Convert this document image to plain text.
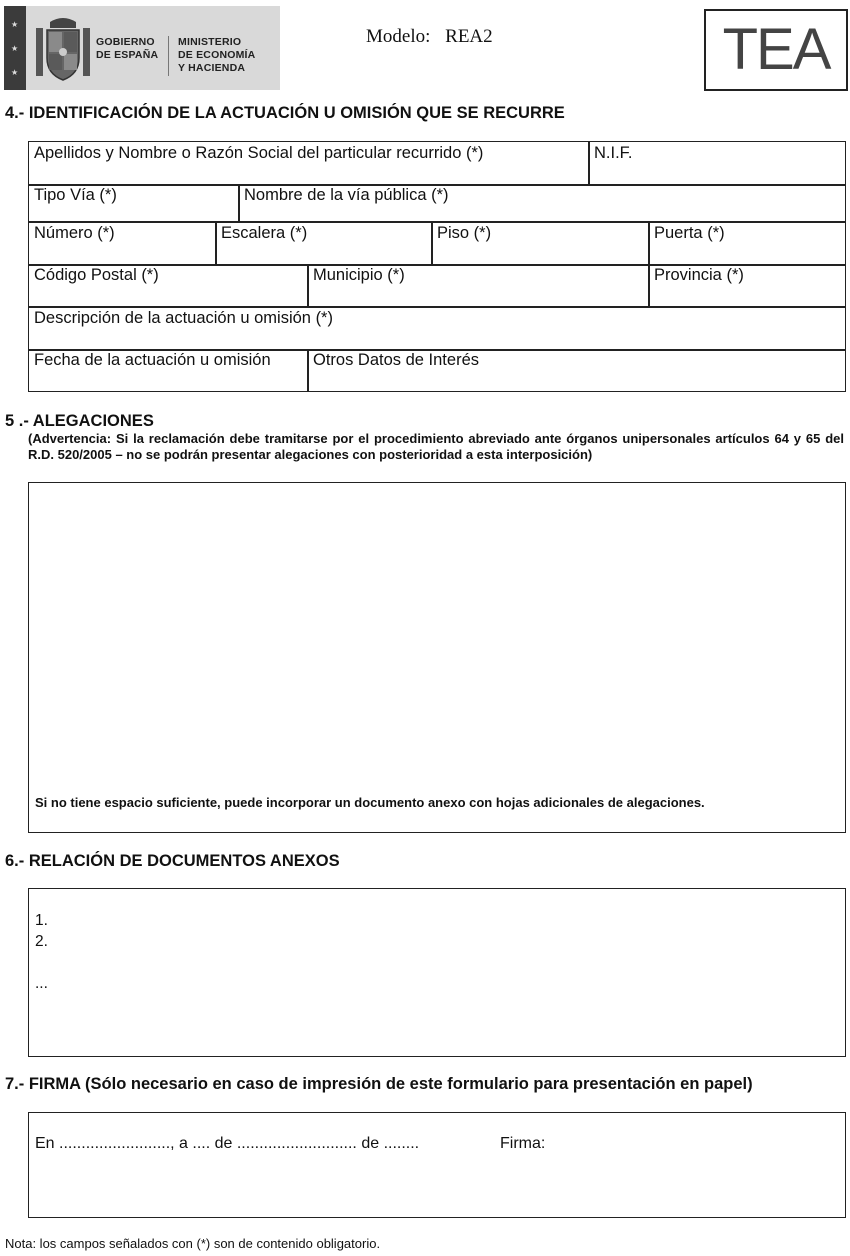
★
★
★
GOBIERNO
DE ESPAÑA
MINISTERIO
DE ECONOMÍA
Y HACIENDA
Modelo: REA2	TEA
4.- IDENTIFICACIÓN DE LA ACTUACIÓN U OMISIÓN QUE SE RECURRE
Apellidos y Nombre o Razón Social del particular recurrido (*)	N.I.F.
Tipo Vía (*)	Nombre de la vía pública (*)
Número (*)	Escalera (*)	Piso (*)	Puerta (*)
Código Postal (*)	Municipio (*)	Provincia (*)
Descripción de la actuación u omisión (*)
Fecha de la actuación u omisión	Otros Datos de Interés
5 .- ALEGACIONES
(Advertencia: Si la reclamación debe tramitarse por el procedimiento abreviado ante órganos unipersonales artículos 64 y 65 del R.D. 520/2005 – no se podrán presentar alegaciones con posterioridad a esta interposición)
Si no tiene espacio suficiente, puede incorporar un documento anexo con hojas adicionales de alegaciones.
6.- RELACIÓN DE DOCUMENTOS ANEXOS
1.
2.
...
7.- FIRMA (Sólo necesario en caso de impresión de este formulario para presentación en papel)
En ........................., a .... de ........................... de ........	Firma:
Nota: los campos señalados con (*) son de contenido obligatorio.
